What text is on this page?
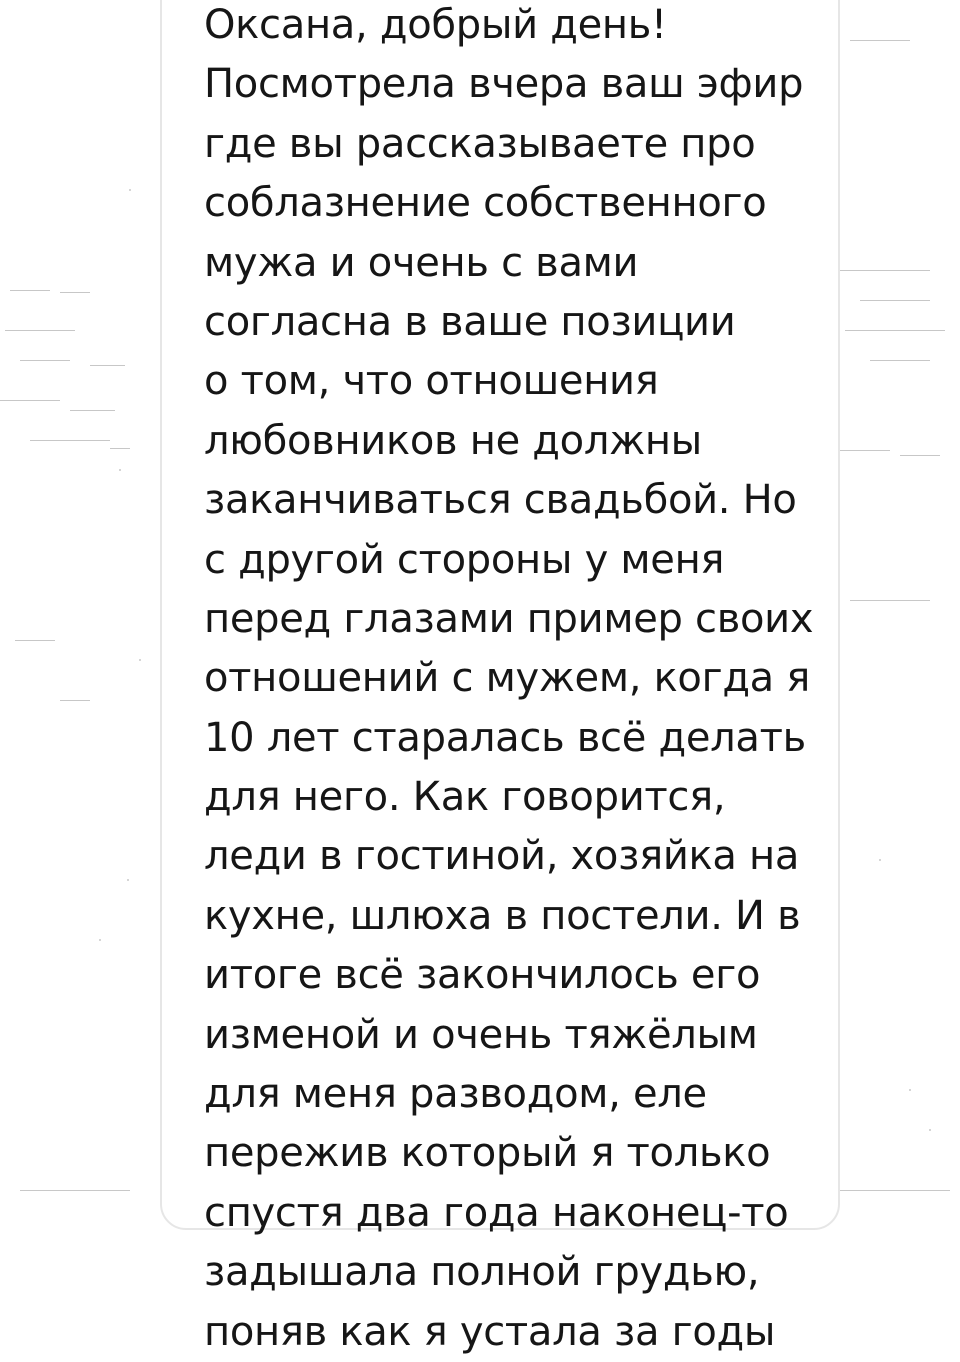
Оксана, добрый день!
Посмотрела вчера ваш эфир
где вы рассказываете про
соблазнение собственного
мужа и очень с вами
согласна в ваше позиции
о том, что отношения
любовников не должны
заканчиваться свадьбой. Но
с другой стороны у меня
перед глазами пример своих
отношений с мужем, когда я
10 лет старалась всё делать
для него. Как говорится,
леди в гостиной, хозяйка на
кухне, шлюха в постели. И в
итоге всё закончилось его
изменой и очень тяжёлым
для меня разводом, еле
пережив который я только
спустя два года наконец-то
задышала полной грудью,
поняв как я устала за годы
